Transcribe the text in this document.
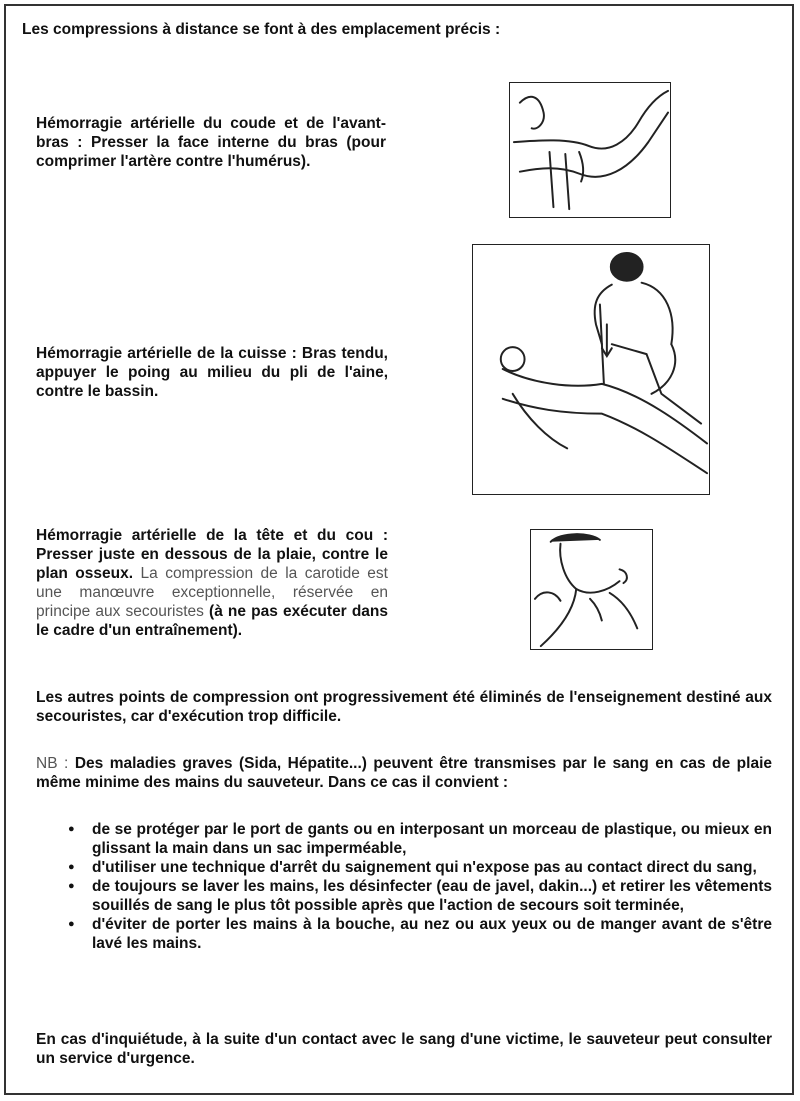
Les compressions à distance se font à des emplacement précis :
Hémorragie artérielle du coude et de l'avant-bras : Presser la face interne du bras (pour comprimer l'artère contre l'humérus).
Hémorragie artérielle de la cuisse : Bras tendu, appuyer le poing au milieu du pli de l'aine, contre le bassin.
Hémorragie artérielle de la tête et du cou : Presser juste en dessous de la plaie, contre le plan osseux. La compression de la carotide est une manœuvre exceptionnelle, réservée en principe aux secouristes (à ne pas exécuter dans le cadre d'un entraînement).
Les autres points de compression ont progressivement été éliminés de l'enseignement destiné aux secouristes, car d'exécution trop difficile.
NB : Des maladies graves (Sida, Hépatite...) peuvent être transmises par le sang en cas de plaie même minime des mains du sauveteur. Dans ce cas il convient :
● de se protéger par le port de gants ou en interposant un morceau de plastique, ou mieux en glissant la main dans un sac imperméable,
● d'utiliser une technique d'arrêt du saignement qui n'expose pas au contact direct du sang,
● de toujours se laver les mains, les désinfecter (eau de javel, dakin...) et retirer les vêtements souillés de sang le plus tôt possible après que l'action de secours soit terminée,
● d'éviter de porter les mains à la bouche, au nez ou aux yeux ou de manger avant de s'être lavé les mains.
En cas d'inquiétude, à la suite d'un contact avec le sang d'une victime, le sauveteur peut consulter un service d'urgence.
